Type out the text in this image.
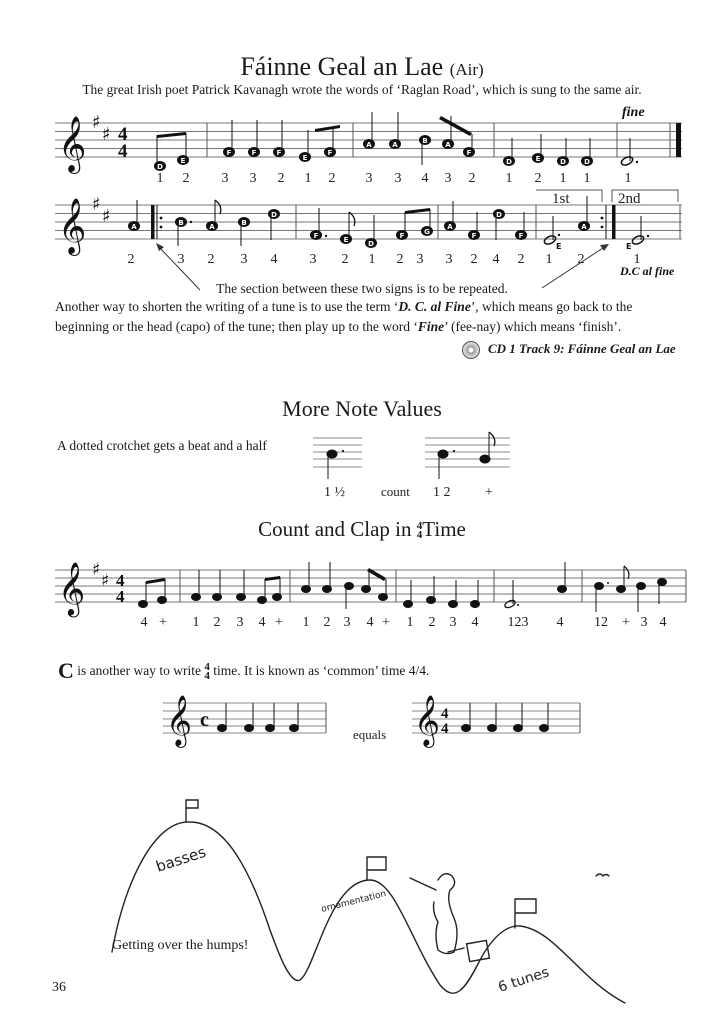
Fáinne Geal an Lae (Air)
The great Irish poet Patrick Kavanagh wrote the words of ‘Raglan Road’, which is sung to the same air.
𝄞 ♯
♯ 4
4
D
E
F	F	F
E
F
A	A	B	A
F
D	E	D	D
1 2 3 3 2 1 2 3 3 4 3 2 1 2 1 1 1
fine
1st	2nd
𝄞 ♯
♯
E	E
A	B	A	B
D
F	E	D
F	G
A
F
D
F
A
2	3 2 3 4 3 2 1 2 3 3 2 4 2 1 2	1
D.C al fine
The section between these two signs is to be repeated.
Another way to shorten the writing of a tune is to use the term ‘D. C. al Fine’, which means go back to the
beginning or the head (capo) of the tune; then play up to the word ‘Fine’ (fee-nay) which means ‘finish’.
CD 1 Track 9: Fáinne Geal an Lae
More Note Values
A dotted crotchet gets a beat and a half
1 ½	count 1 2 +
Count and Clap in 4
4Time
𝄞 ♯
♯ 4
4
4 + 1 2 3 4 + 1 2 3 4 + 1 2 3 4 123 4 12 + 3 4
C is another way to write 4
4 time. It is known as ‘common’ time 4/4.
𝄞 c	𝄞 4
4
equals
basses
ornamentation
6 tunes
Getting over the humps!
36
